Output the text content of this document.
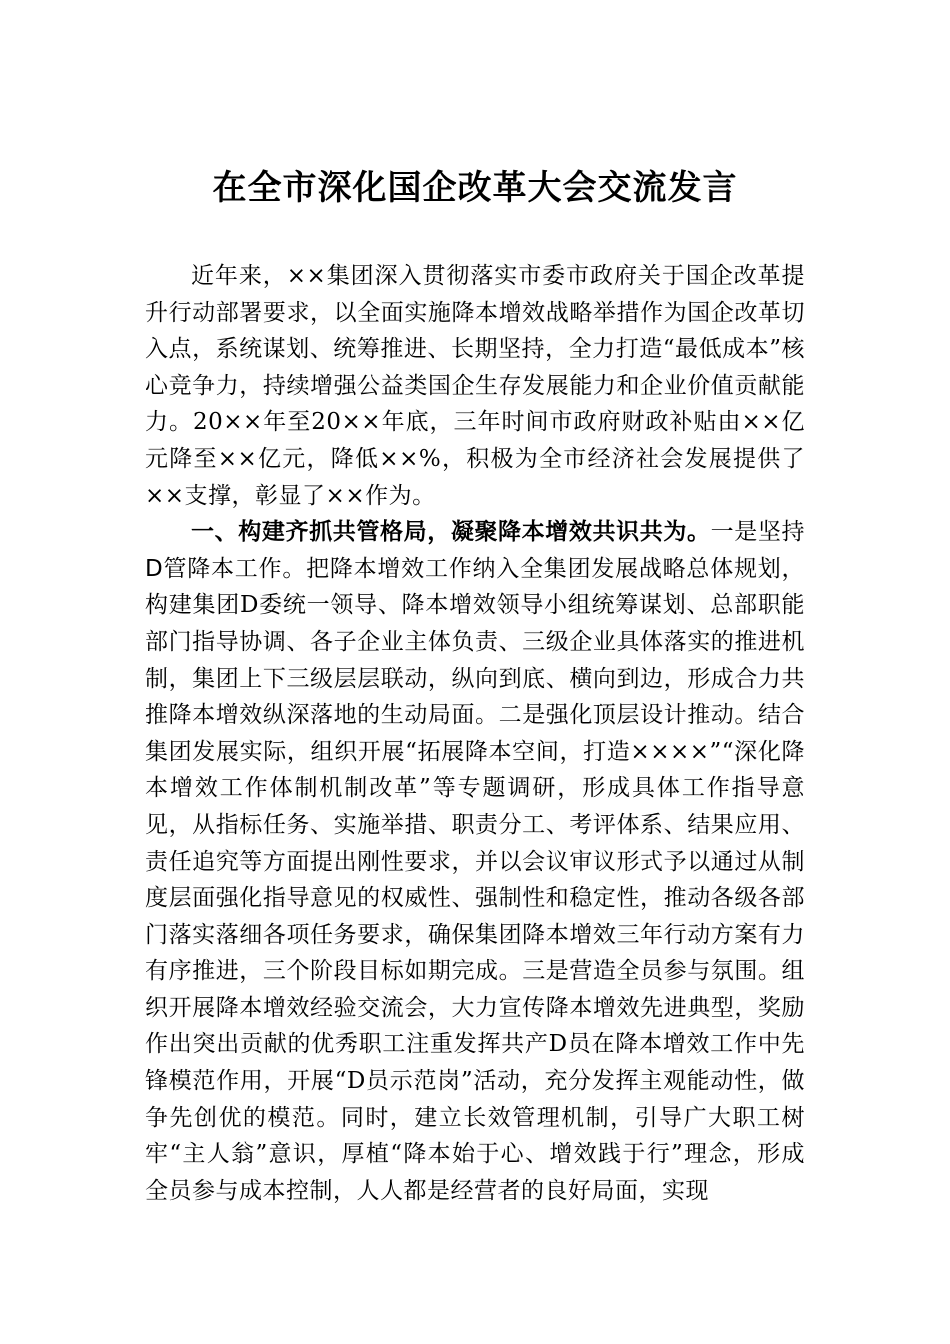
在全市深化国企改革大会交流发言

近年来，××集团深入贯彻落实市委市政府关于国企改革提升行动部署要求，以全面实施降本增效战略举措作为国企改革切入点，系统谋划、统筹推进、长期坚持，全力打造“最低成本”核心竞争力，持续增强公益类国企生存发展能力和企业价值贡献能力。20××年至20××年底，三年时间市政府财政补贴由××亿元降至××亿元，降低××%，积极为全市经济社会发展提供了××支撑，彰显了××作为。

一、构建齐抓共管格局，凝聚降本增效共识共为。一是坚持D管降本工作。把降本增效工作纳入全集团发展战略总体规划，构建集团D委统一领导、降本增效领导小组统筹谋划、总部职能部门指导协调、各子企业主体负责、三级企业具体落实的推进机制，集团上下三级层层联动，纵向到底、横向到边，形成合力共推降本增效纵深落地的生动局面。二是强化顶层设计推动。结合集团发展实际，组织开展“拓展降本空间，打造××××”“深化降本增效工作体制机制改革”等专题调研，形成具体工作指导意见，从指标任务、实施举措、职责分工、考评体系、结果应用、责任追究等方面提出刚性要求，并以会议审议形式予以通过从制度层面强化指导意见的权威性、强制性和稳定性，推动各级各部门落实落细各项任务要求，确保集团降本增效三年行动方案有力有序推进，三个阶段目标如期完成。三是营造全员参与氛围。组织开展降本增效经验交流会，大力宣传降本增效先进典型，奖励作出突出贡献的优秀职工注重发挥共产D员在降本增效工作中先锋模范作用，开展“D员示范岗”活动，充分发挥主观能动性，做争先创优的模范。同时，建立长效管理机制，引导广大职工树牢“主人翁”意识，厚植“降本始于心、增效践于行”理念，形成全员参与成本控制，人人都是经营者的良好局面，实现
